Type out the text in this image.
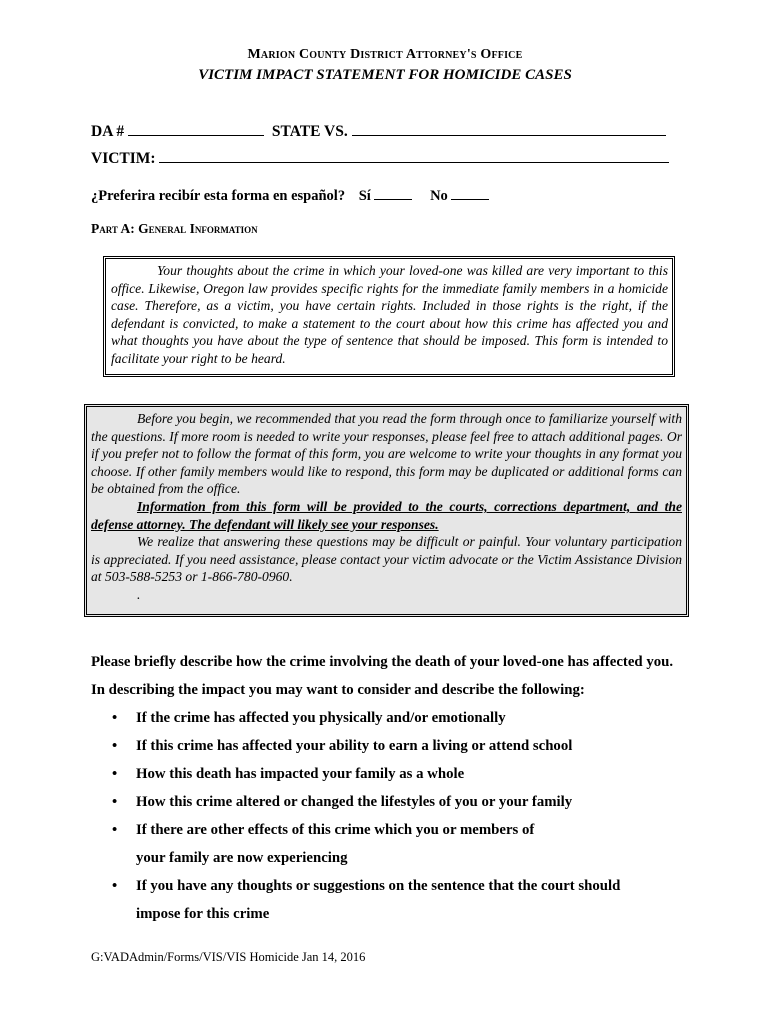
Marion County District Attorney's Office
VICTIM IMPACT STATEMENT FOR HOMICIDE CASES
DA #	STATE VS.
VICTIM:
¿Preferira recibír esta forma en español? Sí	No
Part A: General Information

Your thoughts about the crime in which your loved-one was killed are very important to this office. Likewise, Oregon law provides specific rights for the immediate family members in a homicide case. Therefore, as a victim, you have certain rights. Included in those rights is the right, if the defendant is convicted, to make a statement to the court about how this crime has affected you and what thoughts you have about the type of sentence that should be imposed. This form is intended to facilitate your right to be heard.

Before you begin, we recommended that you read the form through once to familiarize yourself with the questions. If more room is needed to write your responses, please feel free to attach additional pages. Or if you prefer not to follow the format of this form, you are welcome to write your thoughts in any format you choose. If other family members would like to respond, this form may be duplicated or additional forms can be obtained from the office.

Information from this form will be provided to the courts, corrections department, and the defense attorney. The defendant will likely see your responses.

We realize that answering these questions may be difficult or painful. Your voluntary participation is appreciated. If you need assistance, please contact your victim advocate or the Victim Assistance Division at 503-588-5253 or 1-866-780-0960.

.

Please briefly describe how the crime involving the death of your loved-one has affected you. In describing the impact you may want to consider and describe the following:
• If the crime has affected you physically and/or emotionally
• If this crime has affected your ability to earn a living or attend school
• How this death has impacted your family as a whole
• How this crime altered or changed the lifestyles of you or your family
• If there are other effects of this crime which you or members of your family are now experiencing
• If you have any thoughts or suggestions on the sentence that the court should impose for this crime
G:VADAdmin/Forms/VIS/VIS Homicide Jan 14, 2016
